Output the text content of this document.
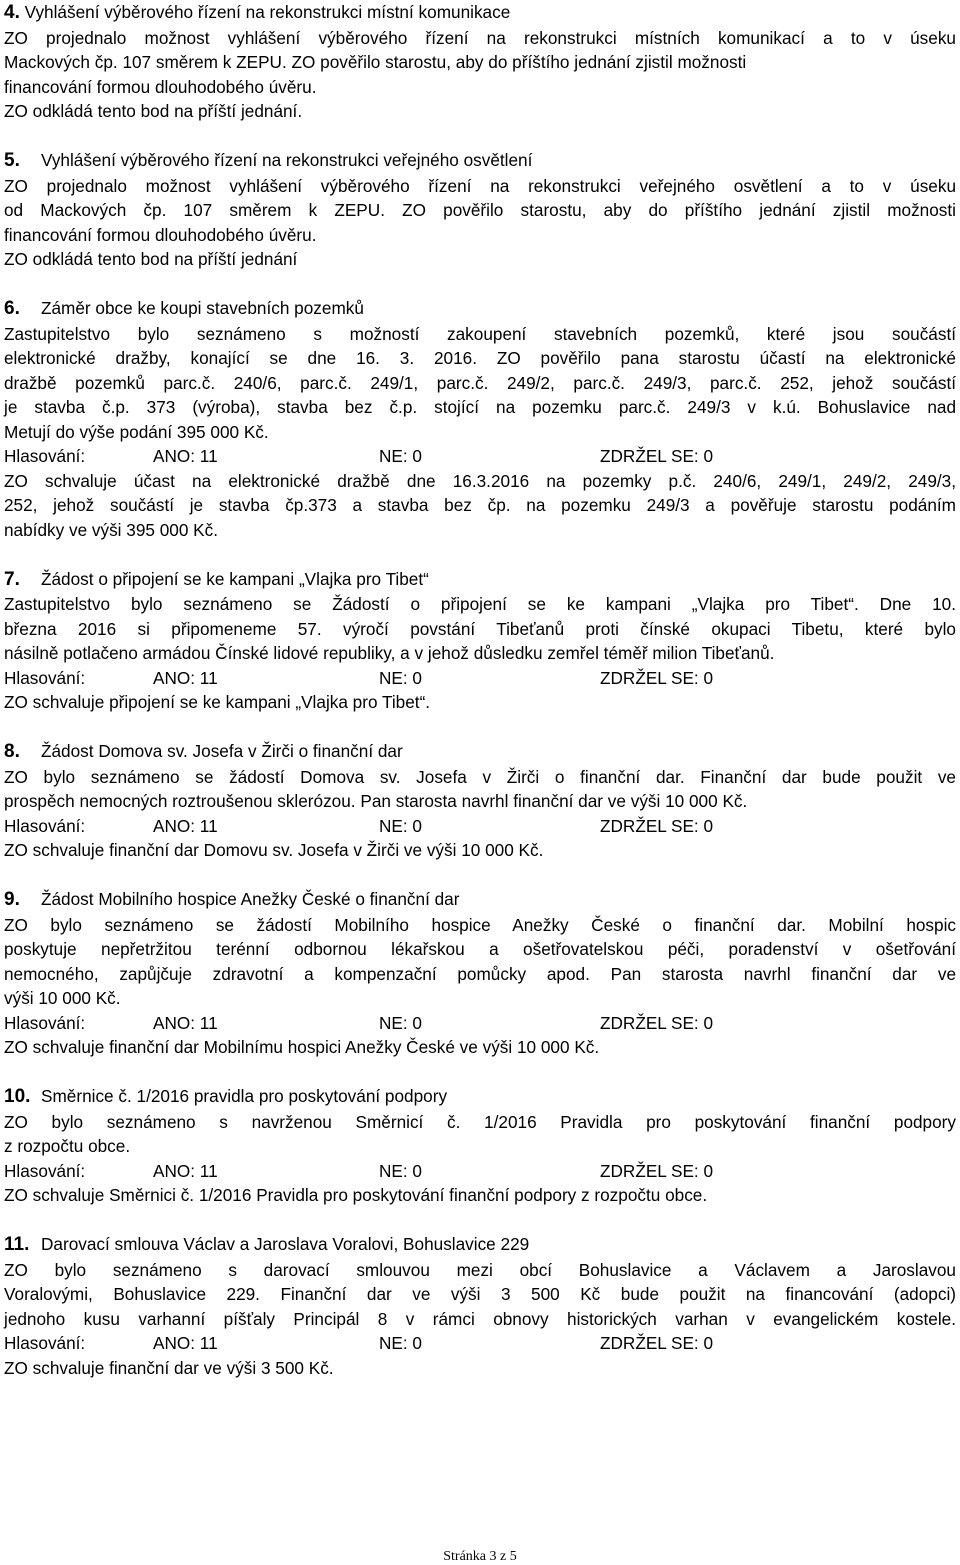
4. Vyhlášení výběrového řízení na rekonstrukci místní komunikace
ZO projednalo možnost vyhlášení výběrového řízení na rekonstrukci místních komunikací a to v úseku
Mackových čp. 107 směrem k ZEPU. ZO pověřilo starostu, aby do příštího jednání zjistil možnosti
financování formou dlouhodobého úvěru.
ZO odkládá tento bod na příští jednání.
5. Vyhlášení výběrového řízení na rekonstrukci veřejného osvětlení
ZO projednalo možnost vyhlášení výběrového řízení na rekonstrukci veřejného osvětlení a to v úseku
od Mackových čp. 107 směrem k ZEPU. ZO pověřilo starostu, aby do příštího jednání zjistil možnosti
financování formou dlouhodobého úvěru.
ZO odkládá tento bod na příští jednání
6. Záměr obce ke koupi stavebních pozemků
Zastupitelstvo bylo seznámeno s možností zakoupení stavebních pozemků, které jsou součástí
elektronické dražby, konající se dne 16. 3. 2016. ZO pověřilo pana starostu účastí na elektronické
dražbě pozemků parc.č. 240/6, parc.č. 249/1, parc.č. 249/2, parc.č. 249/3, parc.č. 252, jehož součástí
je stavba č.p. 373 (výroba), stavba bez č.p. stojící na pozemku parc.č. 249/3 v k.ú. Bohuslavice nad
Metují do výše podání 395 000 Kč.
Hlasování:	ANO: 11	NE: 0	ZDRŽEL SE: 0
ZO schvaluje účast na elektronické dražbě dne 16.3.2016 na pozemky p.č. 240/6, 249/1, 249/2, 249/3,
252, jehož součástí je stavba čp.373 a stavba bez čp. na pozemku 249/3 a pověřuje starostu podáním
nabídky ve výši 395 000 Kč.
7. Žádost o připojení se ke kampani „Vlajka pro Tibet“
Zastupitelstvo bylo seznámeno se Žádostí o připojení se ke kampani „Vlajka pro Tibet“. Dne 10.
března 2016 si připomeneme 57. výročí povstání Tibeťanů proti čínské okupaci Tibetu, které bylo
násilně potlačeno armádou Čínské lidové republiky, a v jehož důsledku zemřel téměř milion Tibeťanů.
Hlasování:	ANO: 11	NE: 0	ZDRŽEL SE: 0
ZO schvaluje připojení se ke kampani „Vlajka pro Tibet“.
8. Žádost Domova sv. Josefa v Žirči o finanční dar
ZO bylo seznámeno se žádostí Domova sv. Josefa v Žirči o finanční dar. Finanční dar bude použit ve
prospěch nemocných roztroušenou sklerózou. Pan starosta navrhl finanční dar ve výši 10 000 Kč.
Hlasování:	ANO: 11	NE: 0	ZDRŽEL SE: 0
ZO schvaluje finanční dar Domovu sv. Josefa v Žirči ve výši 10 000 Kč.
9. Žádost Mobilního hospice Anežky České o finanční dar
ZO bylo seznámeno se žádostí Mobilního hospice Anežky České o finanční dar. Mobilní hospic
poskytuje nepřetržitou terénní odbornou lékařskou a ošetřovatelskou péči, poradenství v ošetřování
nemocného, zapůjčuje zdravotní a kompenzační pomůcky apod. Pan starosta navrhl finanční dar ve
výši 10 000 Kč.
Hlasování:	ANO: 11	NE: 0	ZDRŽEL SE: 0
ZO schvaluje finanční dar Mobilnímu hospici Anežky České ve výši 10 000 Kč.
10. Směrnice č. 1/2016 pravidla pro poskytování podpory
ZO bylo seznámeno s navrženou Směrnicí č. 1/2016 Pravidla pro poskytování finanční podpory
z rozpočtu obce.
Hlasování:	ANO: 11	NE: 0	ZDRŽEL SE: 0
ZO schvaluje Směrnici č. 1/2016 Pravidla pro poskytování finanční podpory z rozpočtu obce.
11. Darovací smlouva Václav a Jaroslava Voralovi, Bohuslavice 229
ZO bylo seznámeno s darovací smlouvou mezi obcí Bohuslavice a Václavem a Jaroslavou
Voralovými, Bohuslavice 229. Finanční dar ve výši 3 500 Kč bude použit na financování (adopci)
jednoho kusu varhanní píšťaly Principál 8 v rámci obnovy historických varhan v evangelickém kostele.
Hlasování:	ANO: 11	NE: 0	ZDRŽEL SE: 0
ZO schvaluje finanční dar ve výši 3 500 Kč.
Stránka 3 z 5
